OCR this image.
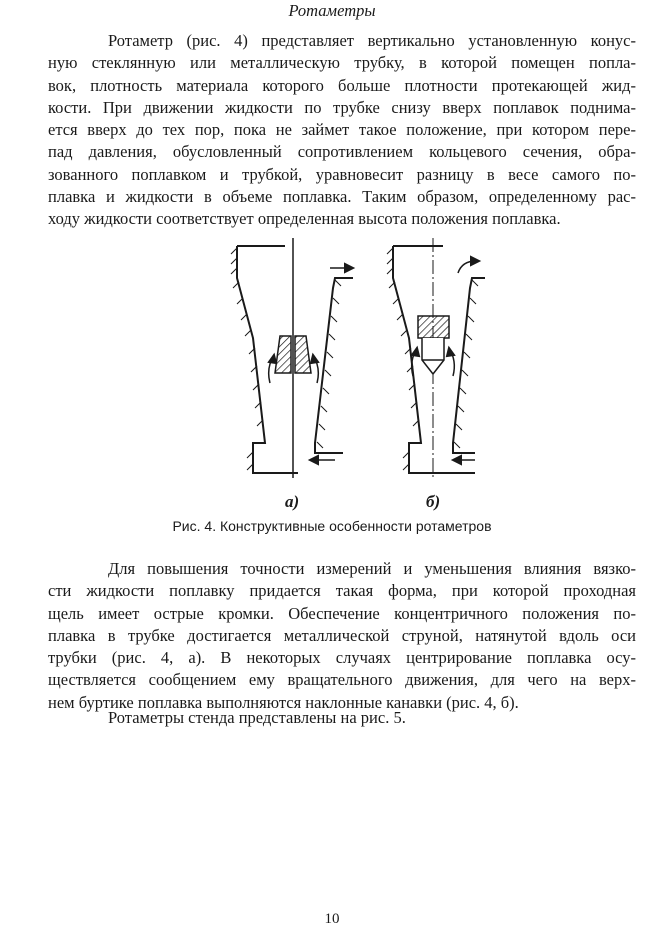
Ротаметры
Ротаметр (рис. 4) представляет вертикально установленную конус-
ную стеклянную или металлическую трубку, в которой помещен попла-
вок, плотность материала которого больше плотности протекающей жид-
кости. При движении жидкости по трубке снизу вверх поплавок поднима-
ется вверх до тех пор, пока не займет такое положение, при котором пере-
пад давления, обусловленный сопротивлением кольцевого сечения, обра-
зованного поплавком и трубкой, уравновесит разницу в весе самого по-
плавка и жидкости в объеме поплавка. Таким образом, определенному рас-
ходу жидкости соответствует определенная высота положения поплавка.
а)	б)
Рис. 4. Конструктивные особенности ротаметров
Для повышения точности измерений и уменьшения влияния вязко-
сти жидкости поплавку придается такая форма, при которой проходная
щель имеет острые кромки. Обеспечение концентричного положения по-
плавка в трубке достигается металлической струной, натянутой вдоль оси
трубки (рис. 4, а). В некоторых случаях центрирование поплавка осу-
ществляется сообщением ему вращательного движения, для чего на верх-
нем буртике поплавка выполняются наклонные канавки (рис. 4, б).
Ротаметры стенда представлены на рис. 5.
10
